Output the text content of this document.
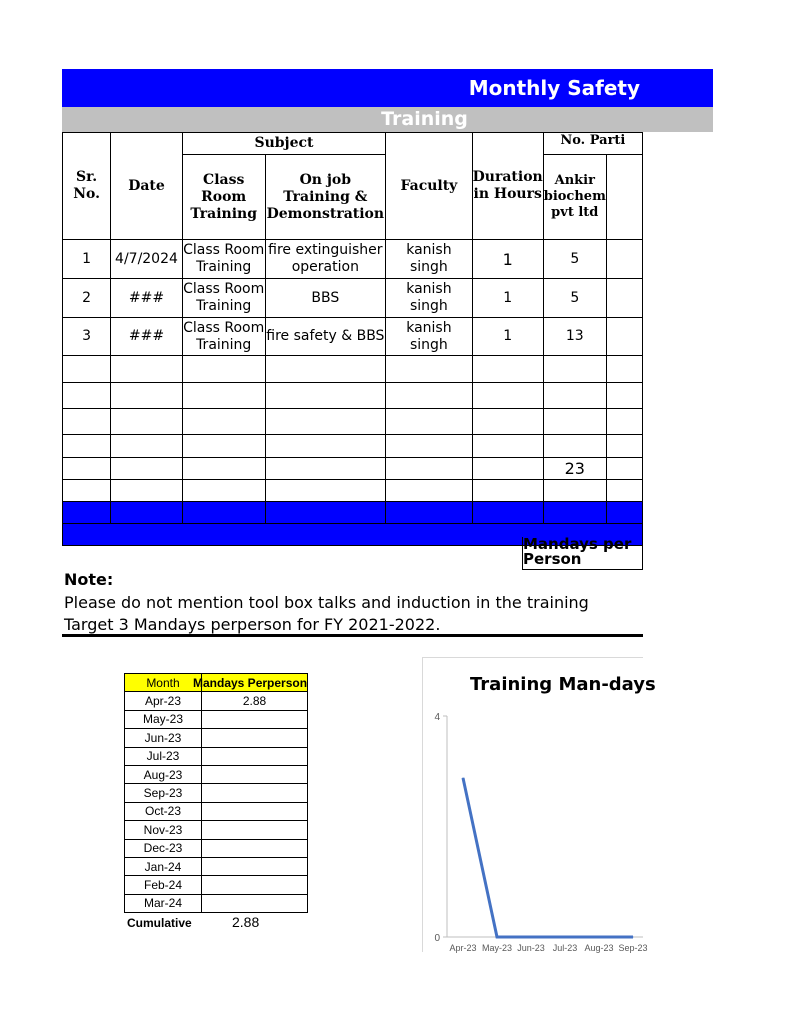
Monthly Safety
Training
Sr. No.	Date	Subject		Faculty	Duration in Hours	No. Parti	
		Class Room Training	On job Training & Demonstration			Ankir biochem pvt ltd	
1	4/7/2024	Class Room Training	fire extinguisher operation	kanish singh	1	5	
2	###	Class Room Training	BBS	kanish singh	1	5	
3	###	Class Room Training	fire safety & BBS	kanish singh	1	13	

						23	

Mandays per Person
Note:
Please do not mention tool box talks and induction in the training
Target 3 Mandays perperson for FY 2021-2022.
Month	Mandays Perperson
Apr-23	2.88
May-23	
Jun-23	
Jul-23	
Aug-23	
Sep-23	
Oct-23	
Nov-23	
Dec-23	
Jan-24	
Feb-24	
Mar-24	
Cumulative	2.88
Training Man-days
0
4
Apr-23 May-23 Jun-23 Jul-23 Aug-23 Sep-23
